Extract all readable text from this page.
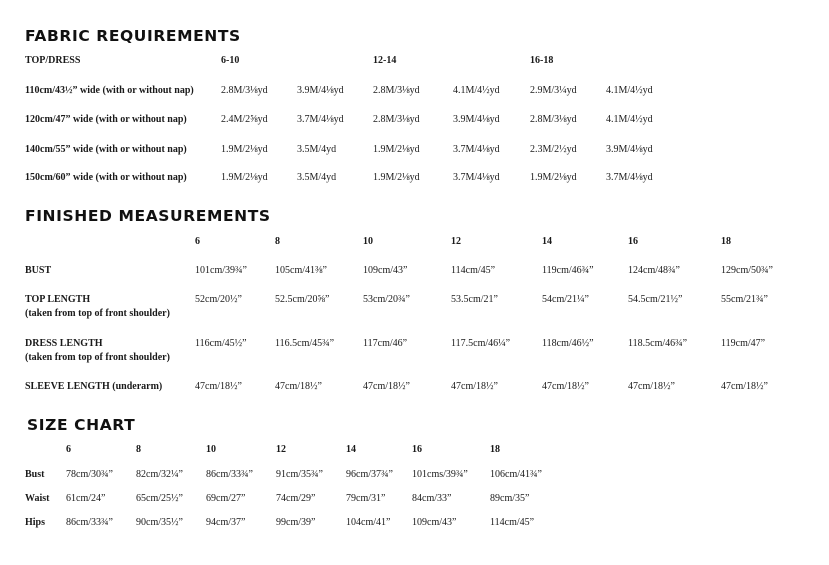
FABRIC REQUIREMENTS
TOP/DRESS	6-10	12-14	16-18
110cm/43½” wide (with or without nap)	2.8M/3⅛yd	3.9M/4⅛yd	2.8M/3⅛yd	4.1M/4½yd	2.9M/3¼yd	4.1M/4½yd
120cm/47” wide (with or without nap)	2.4M/2⅝yd	3.7M/4⅛yd	2.8M/3⅛yd	3.9M/4⅛yd	2.8M/3⅛yd	4.1M/4½yd
140cm/55” wide (with or without nap)	1.9M/2⅛yd	3.5M/4yd	1.9M/2⅛yd	3.7M/4⅛yd	2.3M/2½yd	3.9M/4⅛yd
150cm/60” wide (with or without nap)	1.9M/2⅛yd	3.5M/4yd	1.9M/2⅛yd	3.7M/4⅛yd	1.9M/2⅛yd	3.7M/4⅛yd
FINISHED MEASUREMENTS
6	8	10	12	14	16	18
BUST	101cm/39¾”	105cm/41⅜”	109cm/43”	114cm/45”	119cm/46¾”	124cm/48¾”	129cm/50¾”
TOP LENGTH
(taken from top of front shoulder)
52cm/20½”	52.5cm/20⅝”	53cm/20¾”	53.5cm/21”	54cm/21¼”	54.5cm/21½”	55cm/21¾”
DRESS LENGTH
(taken from top of front shoulder)
116cm/45½”	116.5cm/45¾”	117cm/46”	117.5cm/46¼”	118cm/46½”	118.5cm/46¾”	119cm/47”
SLEEVE LENGTH (underarm)	47cm/18½”	47cm/18½”	47cm/18½”	47cm/18½”	47cm/18½”	47cm/18½”	47cm/18½”
SIZE CHART
6	8	10	12	14	16	18
Bust 78cm/30¾” 82cm/32¼” 86cm/33¾” 91cm/35¾” 96cm/37¾” 101cms/39¾” 106cm/41¾”
Waist 61cm/24”	65cm/25½” 69cm/27”	74cm/29”	79cm/31”	84cm/33”	89cm/35”
Hips 86cm/33¾” 90cm/35½” 94cm/37”	99cm/39”	104cm/41” 109cm/43”	114cm/45”
